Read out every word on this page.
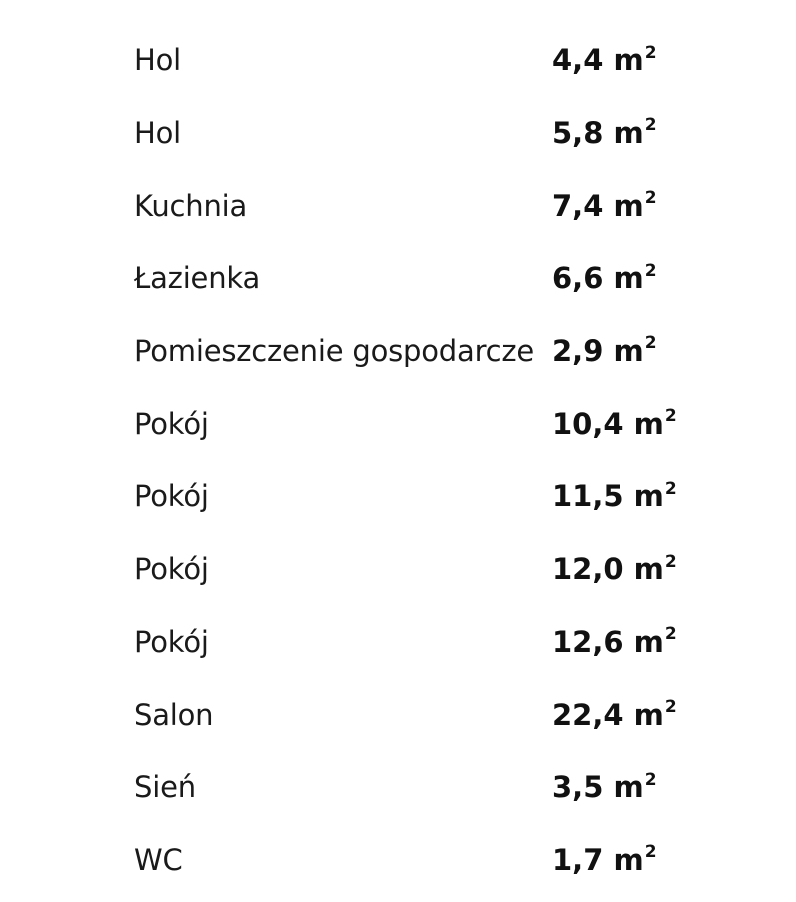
Hol	4,4 $m^2$
Hol	5,8 $m^2$
Kuchnia	7,4 $m^2$
Łazienka	6,6 $m^2$
Pomieszczenie gospodarcze 2,9 $m^2$
Pokój	10,4 $m^2$
Pokój	11,5 $m^2$
Pokój	12,0 $m^2$
Pokój	12,6 $m^2$
Salon	22,4 $m^2$
Sień	3,5 $m^2$
WC	1,7 $m^2$
